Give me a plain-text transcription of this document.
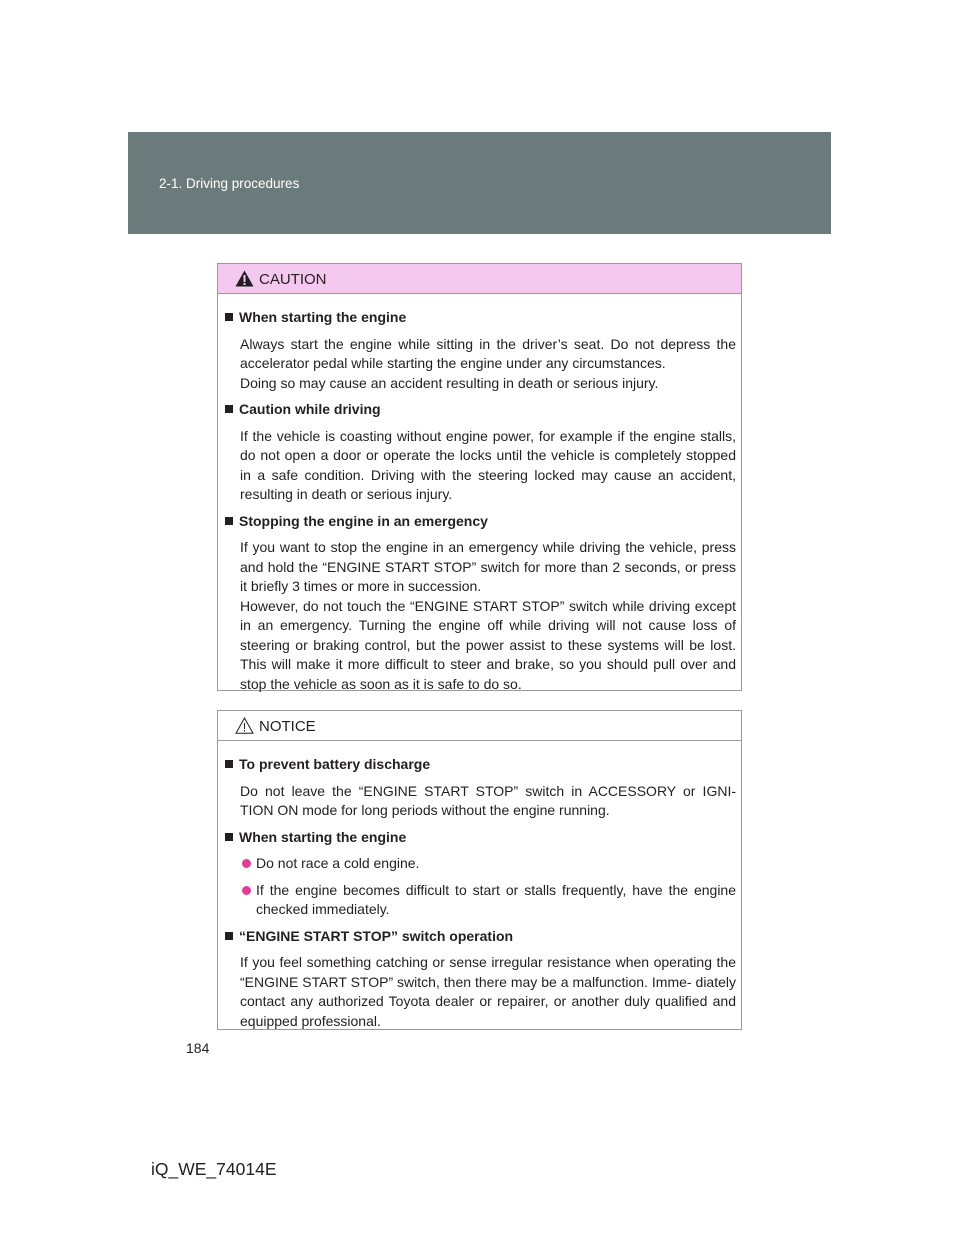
2-1. Driving procedures
CAUTION
When starting the engine
Always start the engine while sitting in the driver’s seat. Do not depress the accelerator pedal while starting the engine under any circumstances.
Doing so may cause an accident resulting in death or serious injury.
Caution while driving
If the vehicle is coasting without engine power, for example if the engine stalls, do not open a door or operate the locks until the vehicle is completely stopped in a safe condition. Driving with the steering locked may cause an accident, resulting in death or serious injury.
Stopping the engine in an emergency
If you want to stop the engine in an emergency while driving the vehicle, press and hold the “ENGINE START STOP” switch for more than 2 seconds, or press it briefly 3 times or more in succession.
However, do not touch the “ENGINE START STOP” switch while driving except in an emergency. Turning the engine off while driving will not cause loss of steering or braking control, but the power assist to these systems will be lost. This will make it more difficult to steer and brake, so you should pull over and stop the vehicle as soon as it is safe to do so.
NOTICE
To prevent battery discharge
Do not leave the “ENGINE START STOP” switch in ACCESSORY or IGNI- TION ON mode for long periods without the engine running.
When starting the engine
Do not race a cold engine.
If the engine becomes difficult to start or stalls frequently, have the engine checked immediately.
“ENGINE START STOP” switch operation
If you feel something catching or sense irregular resistance when operating the “ENGINE START STOP” switch, then there may be a malfunction. Imme- diately contact any authorized Toyota dealer or repairer, or another duly qualified and equipped professional.
184
iQ_WE_74014E
